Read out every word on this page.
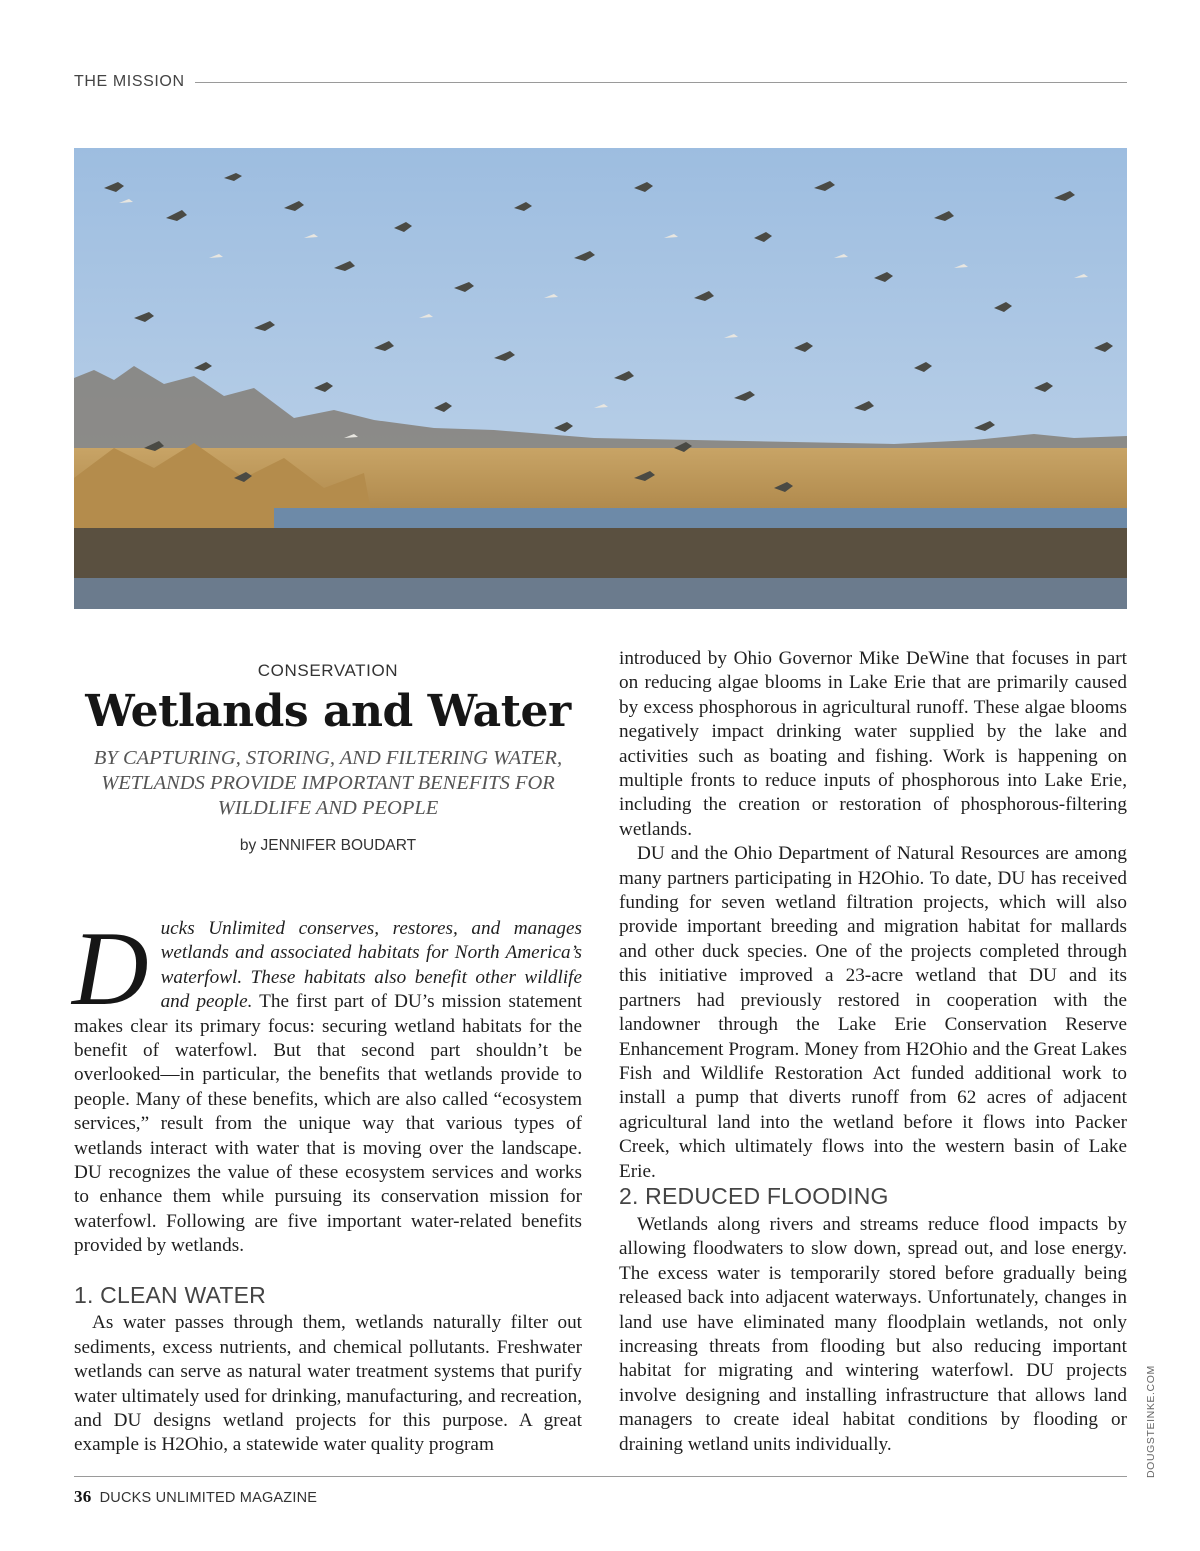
THE MISSION
CONSERVATION
Wetlands and Water
BY CAPTURING, STORING, AND FILTERING WATER, WETLANDS PROVIDE IMPORTANT BENEFITS FOR WILDLIFE AND PEOPLE
by JENNIFER BOUDART
Ducks Unlimited conserves, restores, and manages wetlands and associated habitats for North America’s waterfowl. These habitats also benefit other wildlife and people. The first part of DU’s mission statement makes clear its primary focus: securing wetland habitats for the benefit of waterfowl. But that second part shouldn’t be overlooked—in particular, the benefits that wetlands provide to people. Many of these benefits, which are also called “ecosystem services,” result from the unique way that various types of wetlands interact with water that is moving over the landscape. DU recognizes the value of these ecosystem services and works to enhance them while pursuing its conservation mission for waterfowl. Following are five important water-related benefits provided by wetlands.
1. CLEAN WATER

As water passes through them, wetlands naturally filter out sediments, excess nutrients, and chemical pollutants. Freshwater wetlands can serve as natural water treatment systems that purify water ultimately used for drinking, manufacturing, and recreation, and DU designs wetland projects for this purpose. A great example is H2Ohio, a statewide water quality program

introduced by Ohio Governor Mike DeWine that focuses in part on reducing algae blooms in Lake Erie that are primarily caused by excess phosphorous in agricultural runoff. These algae blooms negatively impact drinking water supplied by the lake and activities such as boating and fishing. Work is happening on multiple fronts to reduce inputs of phosphorous into Lake Erie, including the creation or restoration of phosphorous-filtering wetlands.

DU and the Ohio Department of Natural Resources are among many partners participating in H2Ohio. To date, DU has received funding for seven wetland filtration projects, which will also provide important breeding and migration habitat for mallards and other duck species. One of the projects completed through this initiative improved a 23-acre wetland that DU and its partners had previously restored in cooperation with the landowner through the Lake Erie Conservation Reserve Enhancement Program. Money from H2Ohio and the Great Lakes Fish and Wildlife Restoration Act funded additional work to install a pump that diverts runoff from 62 acres of adjacent agricultural land into the wetland before it flows into Packer Creek, which ultimately flows into the western basin of Lake Erie.

2. REDUCED FLOODING

Wetlands along rivers and streams reduce flood impacts by allowing floodwaters to slow down, spread out, and lose energy. The excess water is temporarily stored before gradually being released back into adjacent waterways. Unfortunately, changes in land use have eliminated many floodplain wetlands, not only increasing threats from flooding but also reducing important habitat for migrating and wintering waterfowl. DU projects involve designing and installing infrastructure that allows land managers to create ideal habitat conditions by flooding or draining wetland units individually.	DOUGSTEINKE.COM
36 DUCKS UNLIMITED MAGAZINE
